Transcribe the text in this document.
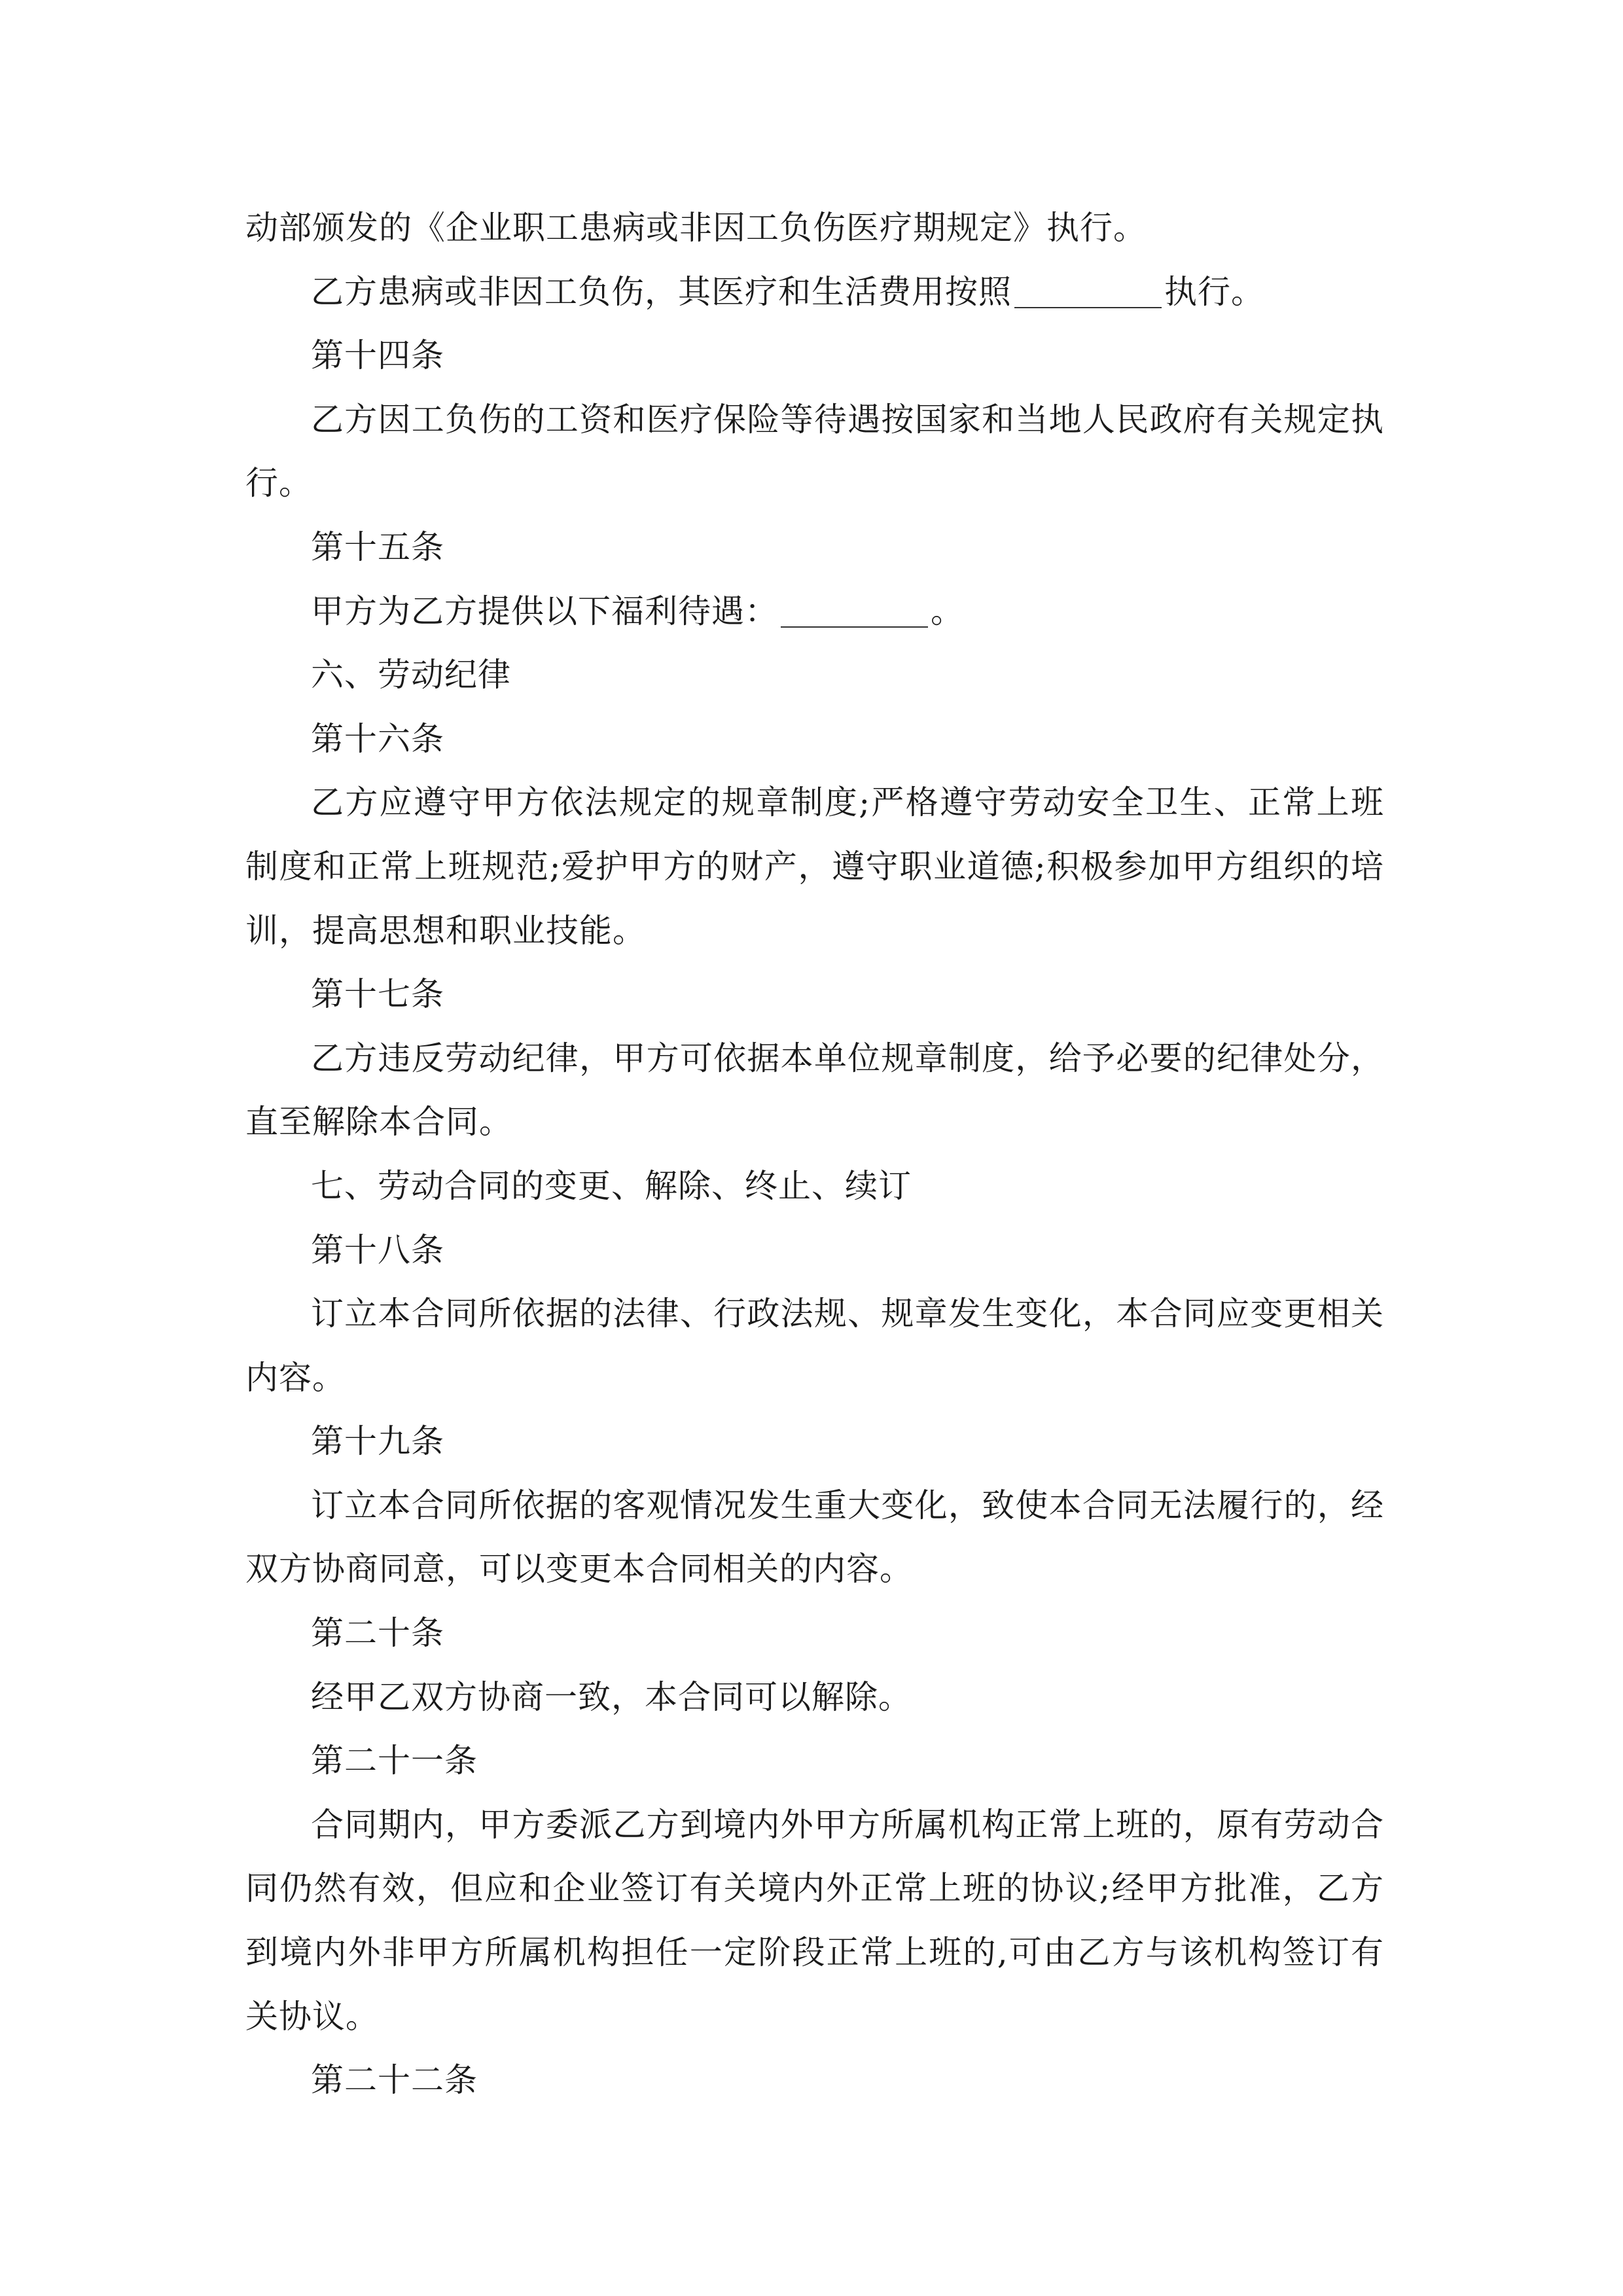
动部颁发的《企业职工患病或非因工负伤医疗期规定》执行。

乙方患病或非因工负伤，其医疗和生活费用按照	执行。

第十四条

乙方因工负伤的工资和医疗保险等待遇按国家和当地人民政府有关规定执行。

第十五条

甲方为乙方提供以下福利待遇：	。

六、劳动纪律

第十六条

乙方应遵守甲方依法规定的规章制度;严格遵守劳动安全卫生、正常上班制度和正常上班规范;爱护甲方的财产，遵守职业道德;积极参加甲方组织的培训，提高思想和职业技能。

第十七条

乙方违反劳动纪律，甲方可依据本单位规章制度，给予必要的纪律处分，直至解除本合同。

七、劳动合同的变更、解除、终止、续订

第十八条

订立本合同所依据的法律、行政法规、规章发生变化，本合同应变更相关内容。

第十九条

订立本合同所依据的客观情况发生重大变化，致使本合同无法履行的，经双方协商同意，可以变更本合同相关的内容。

第二十条

经甲乙双方协商一致，本合同可以解除。

第二十一条

合同期内，甲方委派乙方到境内外甲方所属机构正常上班的，原有劳动合同仍然有效，但应和企业签订有关境内外正常上班的协议;经甲方批准，乙方到境内外非甲方所属机构担任一定阶段正常上班的,可由乙方与该机构签订有关协议。

第二十二条
